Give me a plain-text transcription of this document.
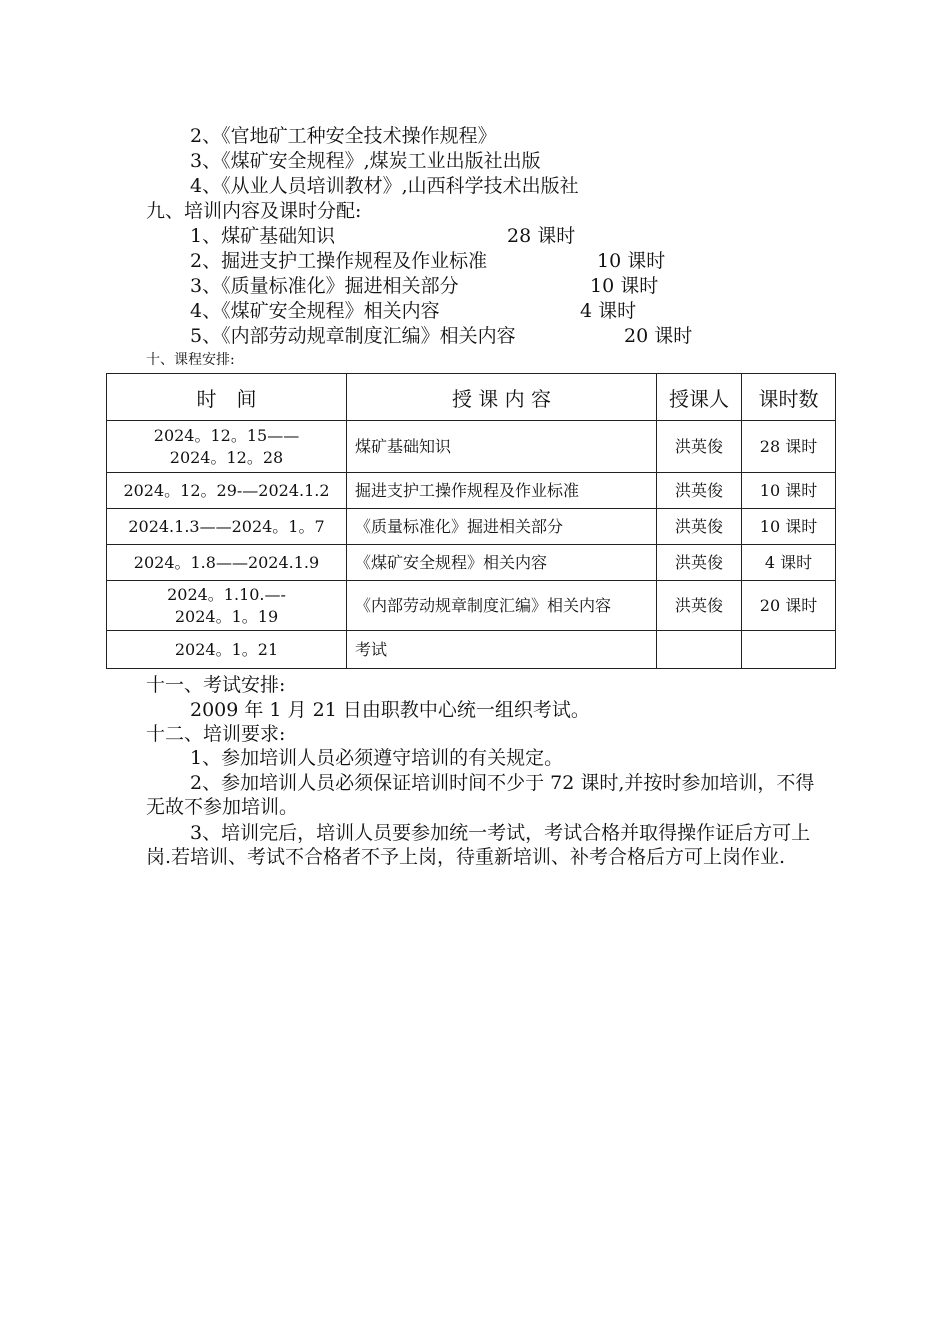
2、《官地矿工种安全技术操作规程》
3、《煤矿安全规程》,煤炭工业出版社出版
4、《从业人员培训教材》,山西科学技术出版社
九、培训内容及课时分配:
1、煤矿基础知识	28 课时
2、掘进支护工操作规程及作业标准	10 课时
3、《质量标准化》掘进相关部分	10 课时
4、《煤矿安全规程》相关内容	4 课时
5、《内部劳动规章制度汇编》相关内容	20 课时
十、课程安排:
时　间	授 课 内 容	授课人	课时数

2024。12。15——
2024。12。28	煤矿基础知识	洪英俊	28 课时
2024。12。29-—2024.1.2	掘进支护工操作规程及作业标准	洪英俊	10 课时
2024.1.3——2024。1。7	《质量标准化》掘进相关部分	洪英俊	10 课时
2024。1.8——2024.1.9	《煤矿安全规程》相关内容	洪英俊	4 课时

2024。1.10.—-
2024。1。19	《内部劳动规章制度汇编》相关内容	洪英俊	20 课时
2024。1。21	考试		
十一、考试安排:
2009 年 1 月 21 日由职教中心统一组织考试。
十二、培训要求:
1、参加培训人员必须遵守培训的有关规定。
2、参加培训人员必须保证培训时间不少于 72 课时,并按时参加培训，不得无故不参加培训。
3、培训完后，培训人员要参加统一考试，考试合格并取得操作证后方可上岗.若培训、考试不合格者不予上岗，待重新培训、补考合格后方可上岗作业.
